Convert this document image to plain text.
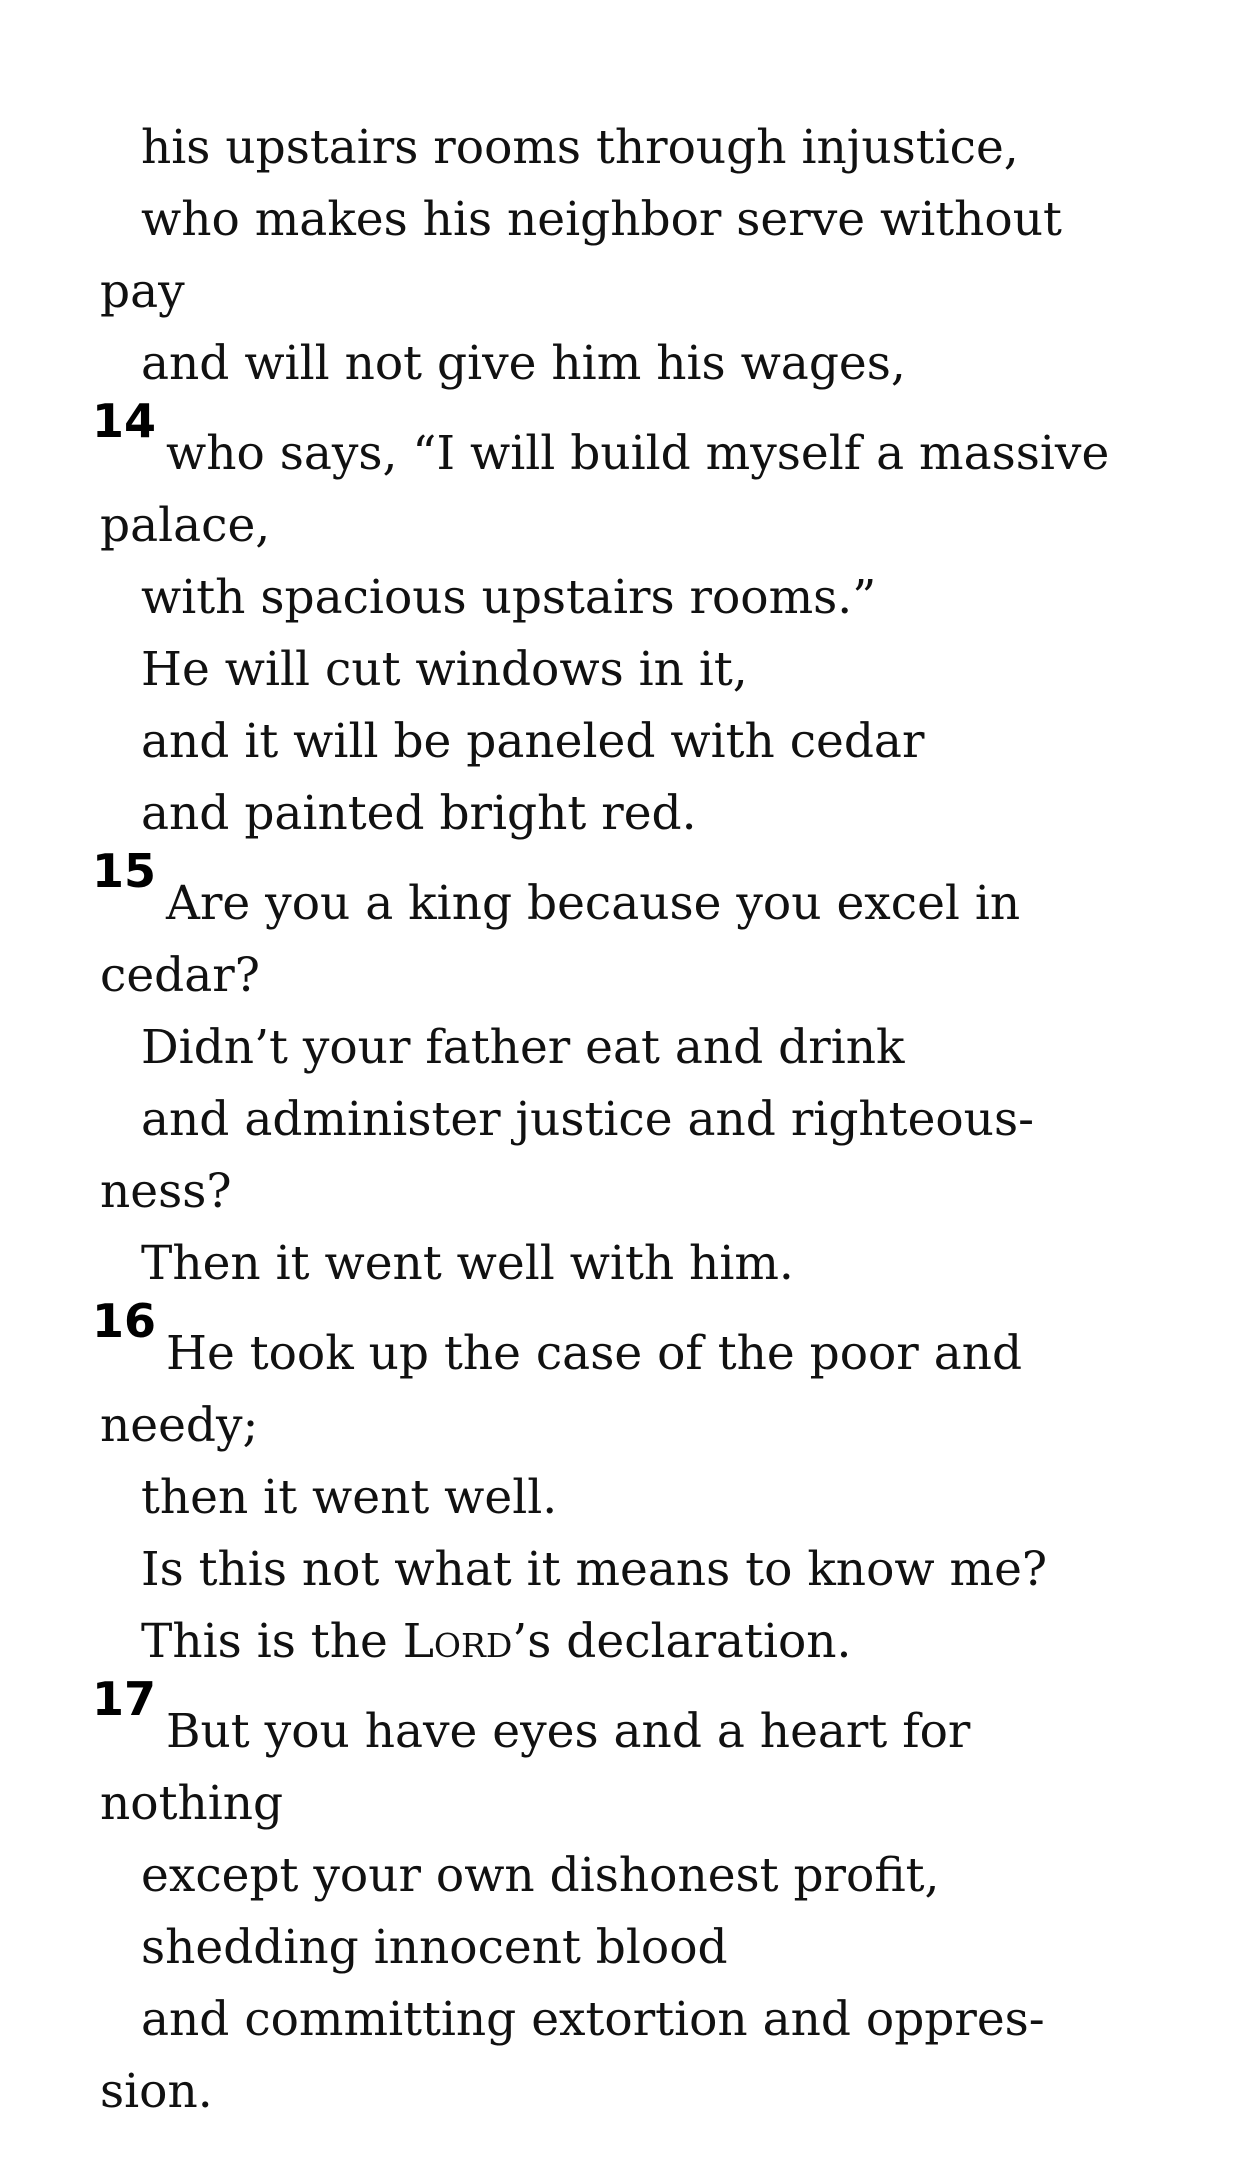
his upstairs rooms through injustice,
who makes his neighbor serve without
pay
and will not give him his wages,
14
who says, “I will build myself a massive
palace,
with spacious upstairs rooms.”
He will cut windows in it,
and it will be paneled with cedar
and painted bright red.
15
Are you a king because you excel in
cedar?
Didn’t your father eat and drink
and administer justice and righteous-
ness?
Then it went well with him.
16
He took up the case of the poor and
needy;
then it went well.
Is this not what it means to know me?
This is the Lord’s declaration.
17
But you have eyes and a heart for
nothing
except your own dishonest profit,
shedding innocent blood
and committing extortion and oppres-
sion.
